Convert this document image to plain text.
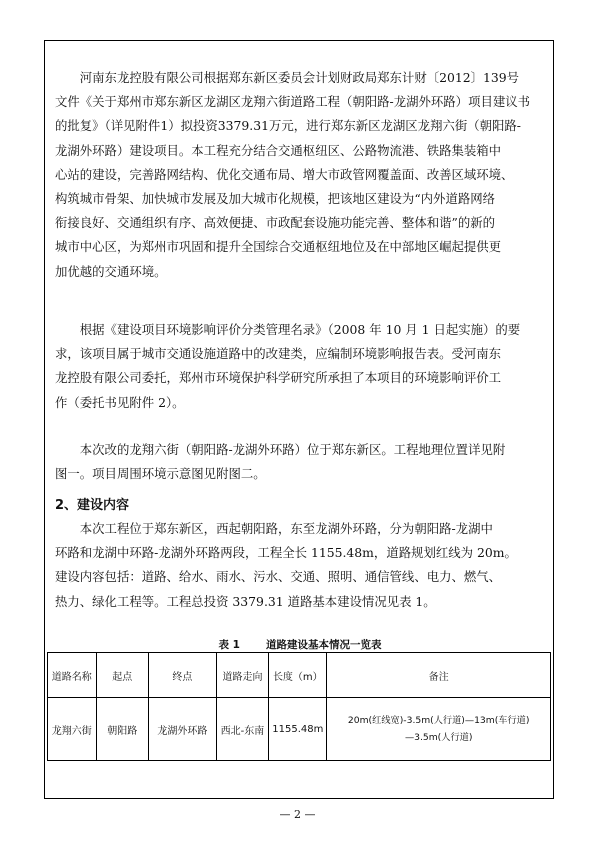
　　河南东龙控股有限公司根据郑东新区委员会计划财政局郑东计财〔2012〕139号
文件《关于郑州市郑东新区龙湖区龙翔六街道路工程（朝阳路-龙湖外环路）项目建议书
的批复》（详见附件1）拟投资3379.31万元，进行郑东新区龙湖区龙翔六街（朝阳路-
龙湖外环路）建设项目。本工程充分结合交通枢纽区、公路物流港、铁路集装箱中
心站的建设，完善路网结构、优化交通布局、增大市政管网覆盖面、改善区域环境、
构筑城市骨架、加快城市发展及加大城市化规模，把该地区建设为“内外道路网络
衔接良好、交通组织有序、高效便捷、市政配套设施功能完善、整体和谐”的新的
城市中心区，为郑州市巩固和提升全国综合交通枢纽地位及在中部地区崛起提供更
加优越的交通环境。
　　根据《建设项目环境影响评价分类管理名录》（2008 年 10 月 1 日起实施）的要
求，该项目属于城市交通设施道路中的改建类，应编制环境影响报告表。受河南东
龙控股有限公司委托，郑州市环境保护科学研究所承担了本项目的环境影响评价工
作（委托书见附件 2）。
　　本次改的龙翔六街（朝阳路-龙湖外环路）位于郑东新区。工程地理位置详见附
图一。项目周围环境示意图见附图二。
2、建设内容
　　本次工程位于郑东新区，西起朝阳路，东至龙湖外环路，分为朝阳路-龙湖中
环路和龙湖中环路-龙湖外环路两段，工程全长 1155.48m，道路规划红线为 20m。
建设内容包括：道路、给水、雨水、污水、交通、照明、通信管线、电力、燃气、
热力、绿化工程等。工程总投资 3379.31 道路基本建设情况见表 1。
表 1 道路建设基本情况一览表
道路名称	起点	终点	道路走向	长度（m）	备注
龙翔六街	朝阳路	龙湖外环路	西北-东南	1155.48m	20m(红线宽)-3.5m(人行道)—13m(车行道)
—3.5m(人行道)
— 2 —
